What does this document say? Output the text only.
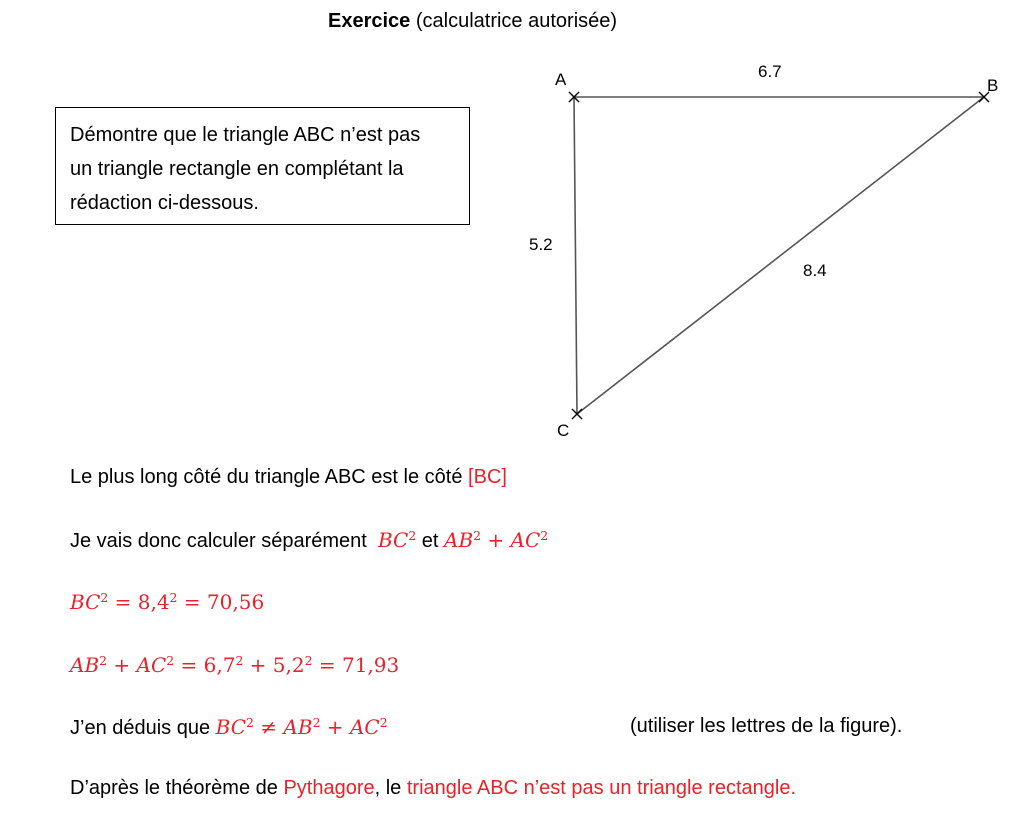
Exercice (calculatrice autorisée)
Démontre que le triangle ABC n’est pas
un triangle rectangle en complétant la
rédaction ci-dessous.
A	B
C
6.7
5.2
8.4
Le plus long côté du triangle ABC est le côté [BC]
Je vais donc calculer séparément $BC^2$ et $AB^2 + AC^2$
$BC^2 = 8,4^2 = 70,56$
$AB^2 + AC^2 = 6,7^2 + 5,2^2 = 71,93$
J’en déduis que $BC^2 \ne AB^2 + AC^2$	(utiliser les lettres de la figure).
D’après le théorème de Pythagore, le triangle ABC n’est pas un triangle rectangle.
